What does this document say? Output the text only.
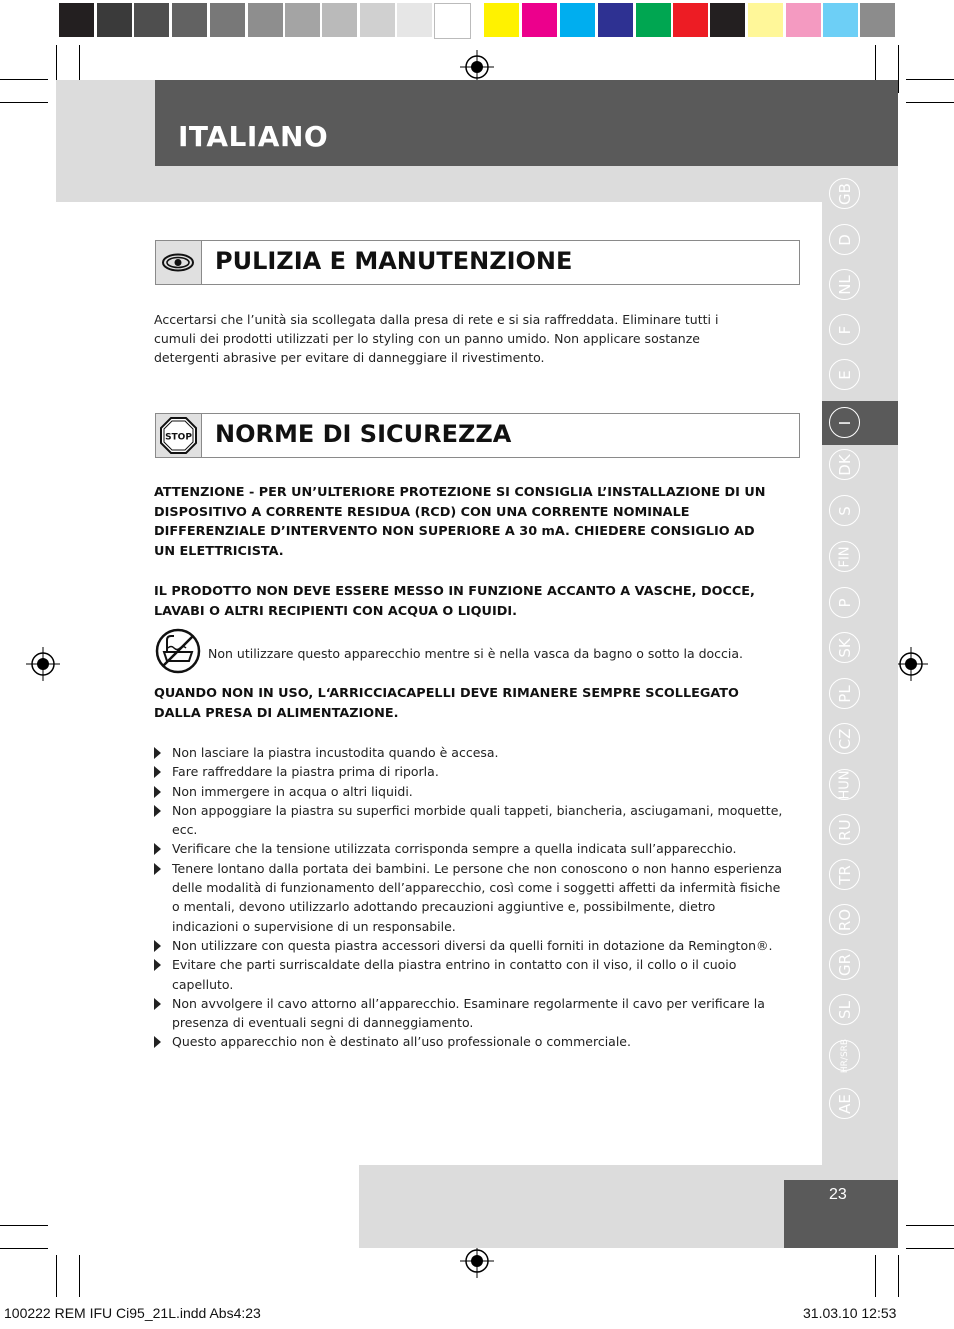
ITALIANO
PULIZIA E MANUTENZIONE
Accertarsi che l’unità sia scollegata dalla presa di rete e si sia raffreddata. Eliminare tutti i cumuli dei prodotti utilizzati per lo styling con un panno umido. Non applicare sostanze detergenti abrasive per evitare di danneggiare il rivestimento.
STOP NORME DI SICUREZZA
ATTENZIONE - PER UN’ULTERIORE PROTEZIONE SI CONSIGLIA L’INSTALLAZIONE DI UN DISPOSITIVO A CORRENTE RESIDUA (RCD) CON UNA CORRENTE NOMINALE DIFFERENZIALE D’INTERVENTO NON SUPERIORE A 30 mA. CHIEDERE CONSIGLIO AD UN ELETTRICISTA.
IL PRODOTTO NON DEVE ESSERE MESSO IN FUNZIONE ACCANTO A VASCHE, DOCCE, LAVABI O ALTRI RECIPIENTI CON ACQUA O LIQUIDI.
Non utilizzare questo apparecchio mentre si è nella vasca da bagno o sotto la doccia.
QUANDO NON IN USO, L‘ARRICCIACAPELLI DEVE RIMANERE SEMPRE SCOLLEGATO DALLA PRESA DI ALIMENTAZIONE.
Non lasciare la piastra incustodita quando è accesa.
Fare raffreddare la piastra prima di riporla.
Non immergere in acqua o altri liquidi.
Non appoggiare la piastra su superfici morbide quali tappeti, biancheria, asciugamani, moquette, ecc.
Verificare che la tensione utilizzata corrisponda sempre a quella indicata sull’apparecchio.
Tenere lontano dalla portata dei bambini. Le persone che non conoscono o non hanno esperienza delle modalità di funzionamento dell’apparecchio, così come i soggetti affetti da infermità fisiche o mentali, devono utilizzarlo adottando precauzioni aggiuntive e, possibilmente, dietro indicazioni o supervisione di un responsabile.
Non utilizzare con questa piastra accessori diversi da quelli forniti in dotazione da Remington®.
Evitare che parti surriscaldate della piastra entrino in contatto con il viso, il collo o il cuoio capelluto.
Non avvolgere il cavo attorno all’apparecchio. Esaminare regolarmente il cavo per verificare la presenza di eventuali segni di danneggiamento.
Questo apparecchio non è destinato all’uso professionale o commerciale.
GB
D
NL
F
E
I
DK
S
FIN
P
SK
PL
CZ
HUN
RU
TR
RO
GR
SL
HR/SRB
AE
23
100222 REM IFU Ci95_21L.indd Abs4:23	31.03.10 12:53
